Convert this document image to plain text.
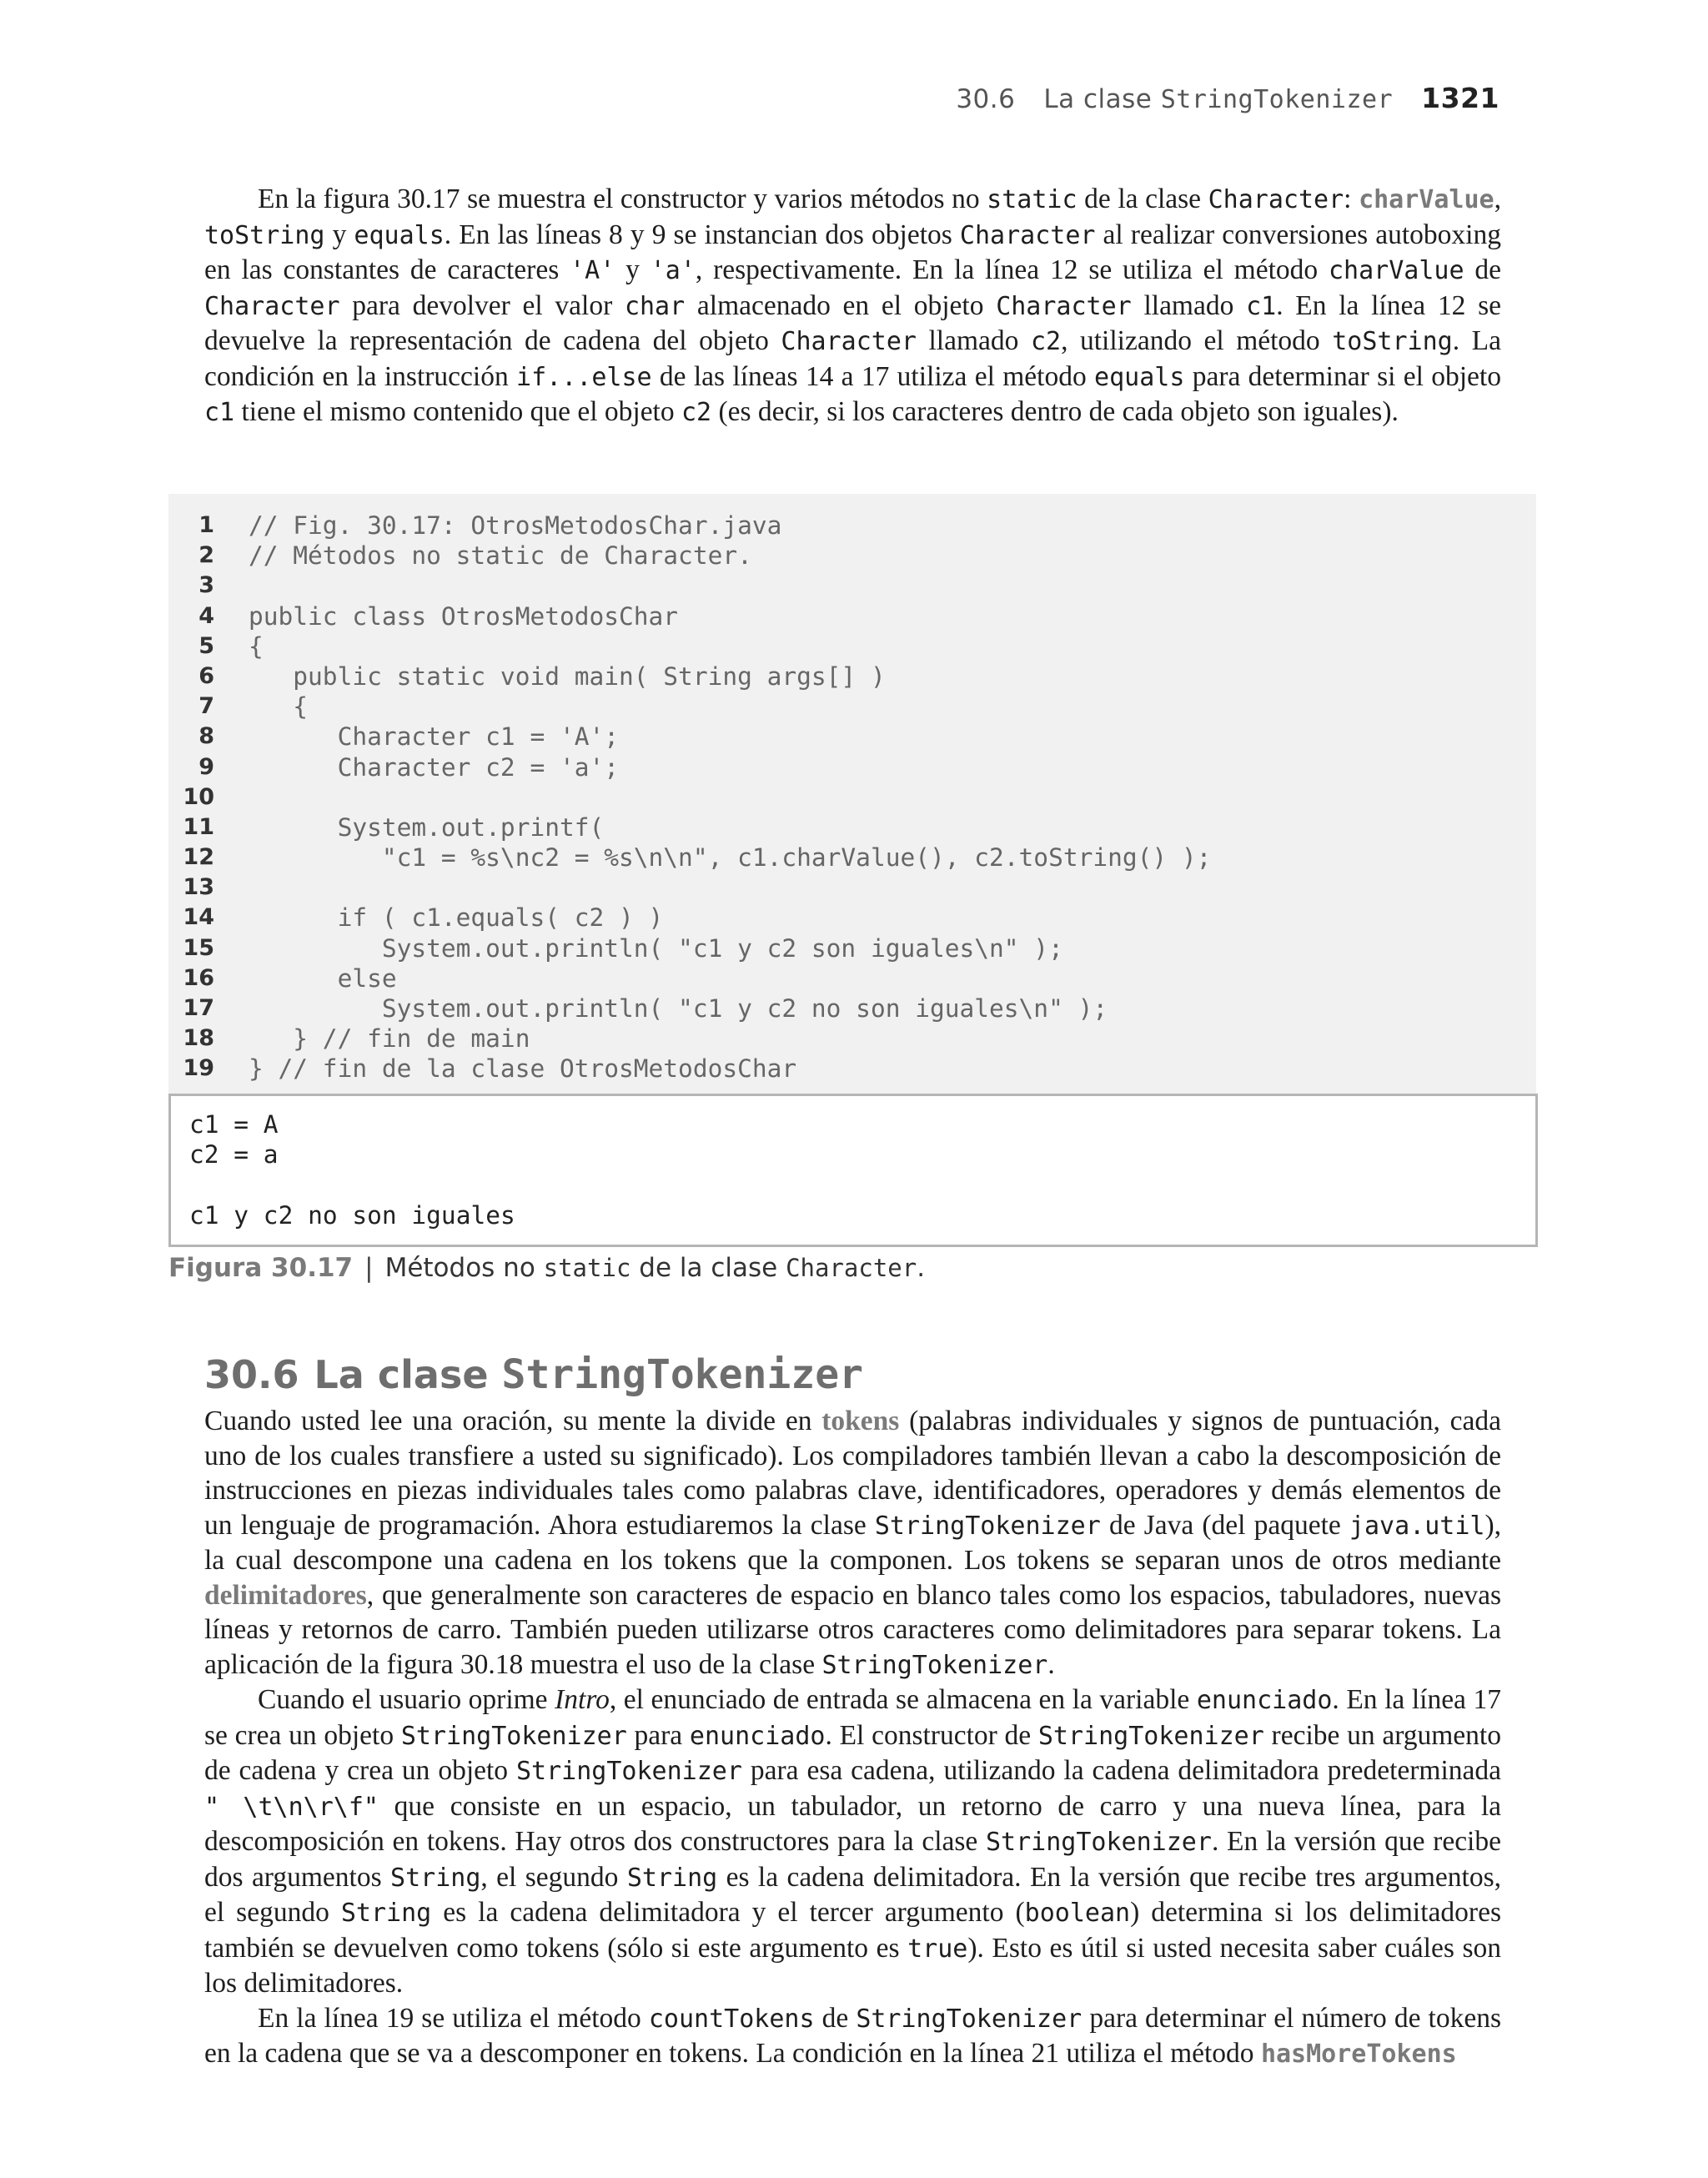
30.6 La clase StringTokenizer 1321

En la figura 30.17 se muestra el constructor y varios métodos no static de la clase Character: charValue, toString y equals. En las líneas 8 y 9 se instancian dos objetos Character al realizar conversiones autoboxing en las constantes de caracteres 'A' y 'a', respectivamente. En la línea 12 se utiliza el método charValue de Character para devolver el valor char almacenado en el objeto Character llamado c1. En la línea 12 se devuelve la representación de cadena del objeto Character llamado c2, utilizando el método toString. La condición en la instrucción if...else de las líneas 14 a 17 utiliza el método equals para determinar si el objeto c1 tiene el mismo contenido que el objeto c2 (es decir, si los caracteres dentro de cada objeto son iguales).

1 // Fig. 30.17: OtrosMetodosChar.java
2 // Métodos no static de Character.
3
4 public class OtrosMetodosChar
5 {
6 public static void main( String args[] )
7 {
8 Character c1 = 'A';
9 Character c2 = 'a';
10
11 System.out.printf(
12 "c1 = %s\nc2 = %s\n\n", c1.charValue(), c2.toString() );
13
14 if ( c1.equals( c2 ) )
15 System.out.println( "c1 y c2 son iguales\n" );
16 else
17 System.out.println( "c1 y c2 no son iguales\n" );
18 } // fin de main
19 } // fin de la clase OtrosMetodosChar
c1 = A
c2 = a
c1 y c2 no son iguales
Figura 30.17 | Métodos no static de la clase Character.
30.6 La clase StringTokenizer

Cuando usted lee una oración, su mente la divide en tokens (palabras individuales y signos de puntuación, cada uno de los cuales transfiere a usted su significado). Los compiladores también llevan a cabo la descomposición de instrucciones en piezas individuales tales como palabras clave, identificadores, operadores y demás elementos de un lenguaje de programación. Ahora estudiaremos la clase StringTokenizer de Java (del paquete java.util), la cual descompone una cadena en los tokens que la componen. Los tokens se separan unos de otros mediante delimitadores, que generalmente son caracteres de espacio en blanco tales como los espacios, tabuladores, nuevas líneas y retornos de carro. También pueden utilizarse otros caracteres como delimitadores para separar tokens. La aplicación de la figura 30.18 muestra el uso de la clase StringTokenizer.

Cuando el usuario oprime Intro, el enunciado de entrada se almacena en la variable enunciado. En la línea 17 se crea un objeto StringTokenizer para enunciado. El constructor de StringTokenizer recibe un argumento de cadena y crea un objeto StringTokenizer para esa cadena, utilizando la cadena delimitadora predeterminada " \t\n\r\f" que consiste en un espacio, un tabulador, un retorno de carro y una nueva línea, para la descomposición en tokens. Hay otros dos constructores para la clase StringTokenizer. En la versión que recibe dos argumentos String, el segundo String es la cadena delimitadora. En la versión que recibe tres argumentos, el segundo String es la cadena delimitadora y el tercer argumento (boolean) determina si los delimitadores también se devuelven como tokens (sólo si este argumento es true). Esto es útil si usted necesita saber cuáles son los delimitadores.

En la línea 19 se utiliza el método countTokens de StringTokenizer para determinar el número de tokens en la cadena que se va a descomponer en tokens. La condición en la línea 21 utiliza el método hasMoreTokens
